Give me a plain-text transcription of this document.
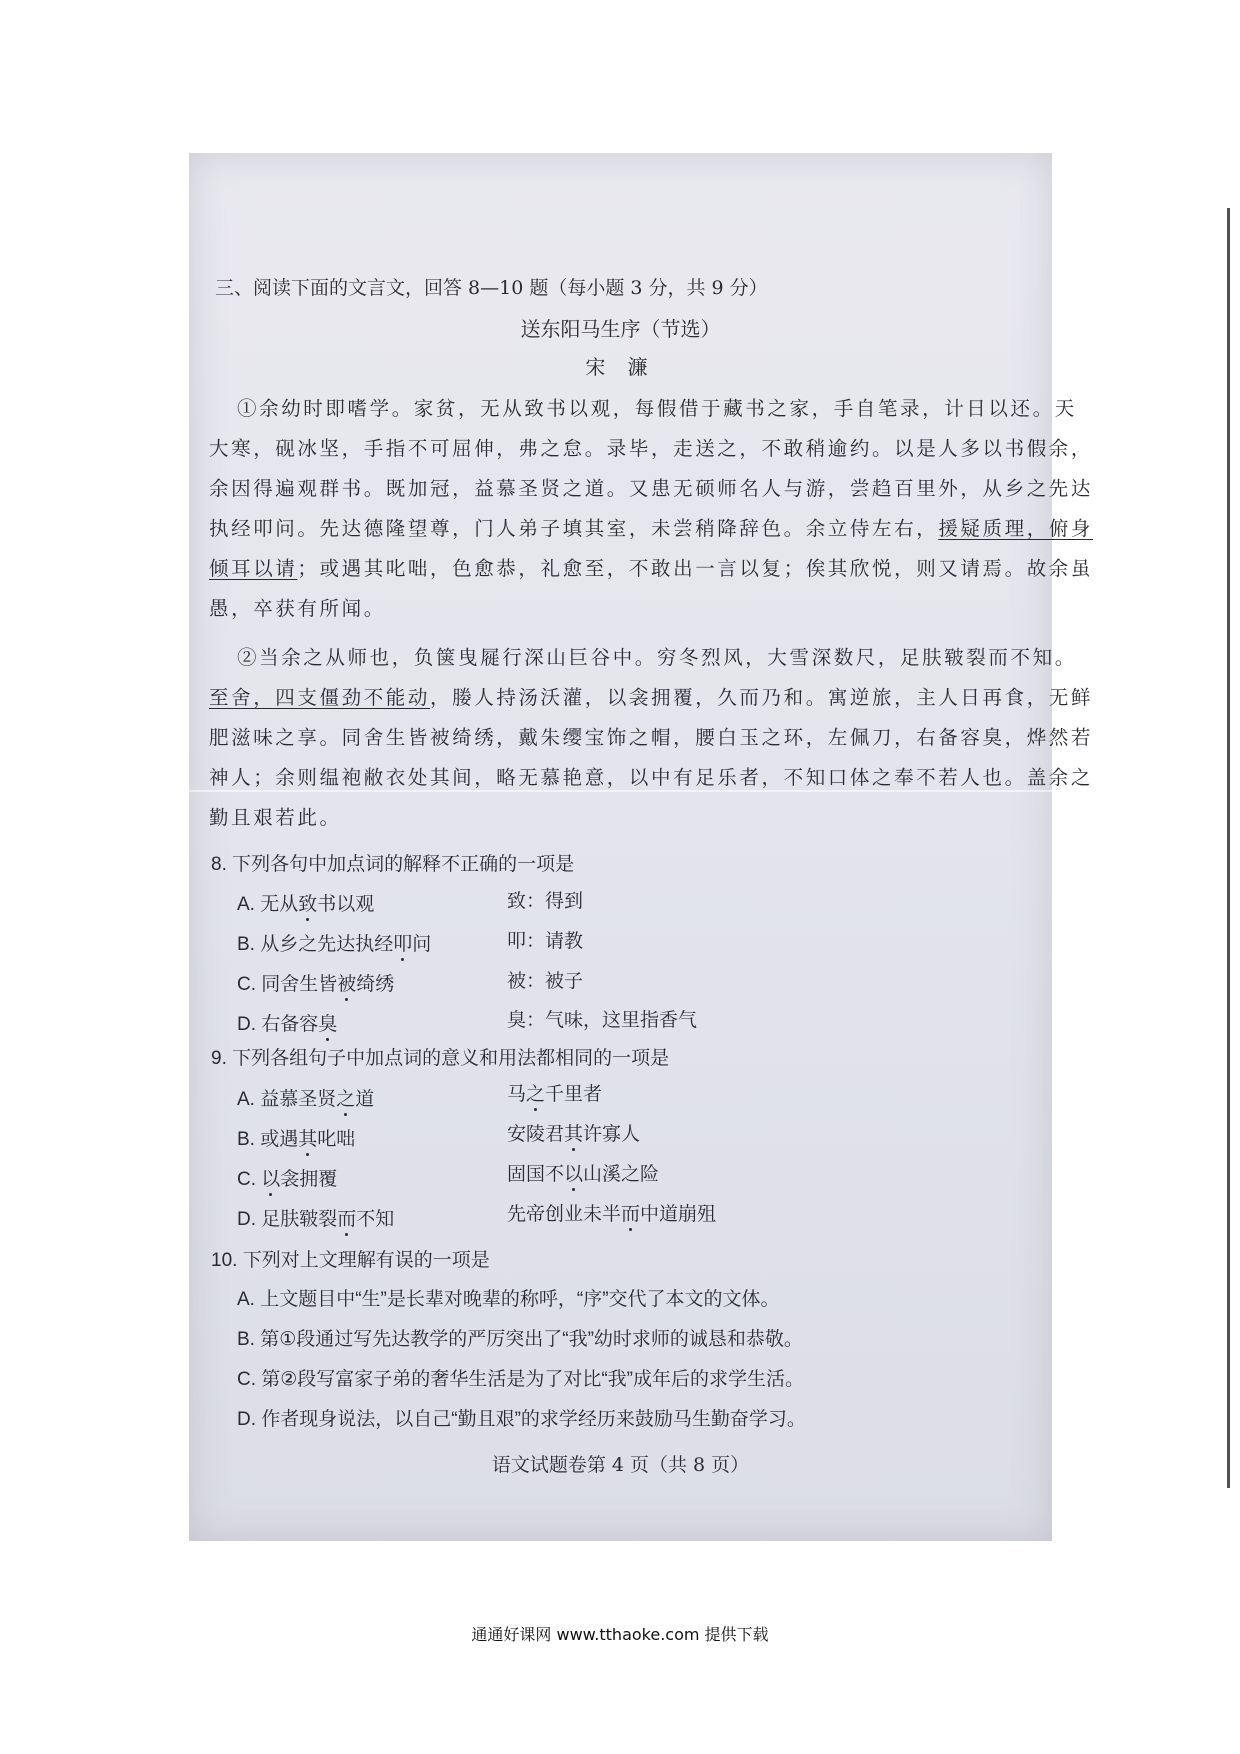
三、阅读下面的文言文，回答 8—10 题（每小题 3 分，共 9 分）
送东阳马生序（节选）
宋 濂
①余幼时即嗜学。家贫，无从致书以观，每假借于藏书之家，手自笔录，计日以还。天
大寒，砚冰坚，手指不可屈伸，弗之怠。录毕，走送之，不敢稍逾约。以是人多以书假余，
余因得遍观群书。既加冠，益慕圣贤之道。又患无硕师名人与游，尝趋百里外，从乡之先达
执经叩问。先达德隆望尊，门人弟子填其室，未尝稍降辞色。余立侍左右，援疑质理，俯身
倾耳以请；或遇其叱咄，色愈恭，礼愈至，不敢出一言以复；俟其欣悦，则又请焉。故余虽
愚，卒获有所闻。
②当余之从师也，负箧曳屣行深山巨谷中。穷冬烈风，大雪深数尺，足肤皲裂而不知。
至舍，四支僵劲不能动，媵人持汤沃灌，以衾拥覆，久而乃和。寓逆旅，主人日再食，无鲜
肥滋味之享。同舍生皆被绮绣，戴朱缨宝饰之帽，腰白玉之环，左佩刀，右备容臭，烨然若
神人；余则缊袍敝衣处其间，略无慕艳意，以中有足乐者，不知口体之奉不若人也。盖余之
勤且艰若此。
8. 下列各句中加点词的解释不正确的一项是
A. 无从致书以观	致：得到
B. 从乡之先达执经叩问	叩：请教
C. 同舍生皆被绮绣	被：被子
D. 右备容臭	臭：气味，这里指香气
9. 下列各组句子中加点词的意义和用法都相同的一项是
A. 益慕圣贤之道	马之千里者
B. 或遇其叱咄	安陵君其许寡人
C. 以衾拥覆	固国不以山溪之险
D. 足肤皲裂而不知	先帝创业未半而中道崩殂
10. 下列对上文理解有误的一项是
A. 上文题目中“生”是长辈对晚辈的称呼，“序”交代了本文的文体。
B. 第①段通过写先达教学的严厉突出了“我”幼时求师的诚恳和恭敬。
C. 第②段写富家子弟的奢华生活是为了对比“我”成年后的求学生活。
D. 作者现身说法，以自己“勤且艰”的求学经历来鼓励马生勤奋学习。
语文试题卷第 4 页（共 8 页）
通通好课网 www.tthaoke.com 提供下载
